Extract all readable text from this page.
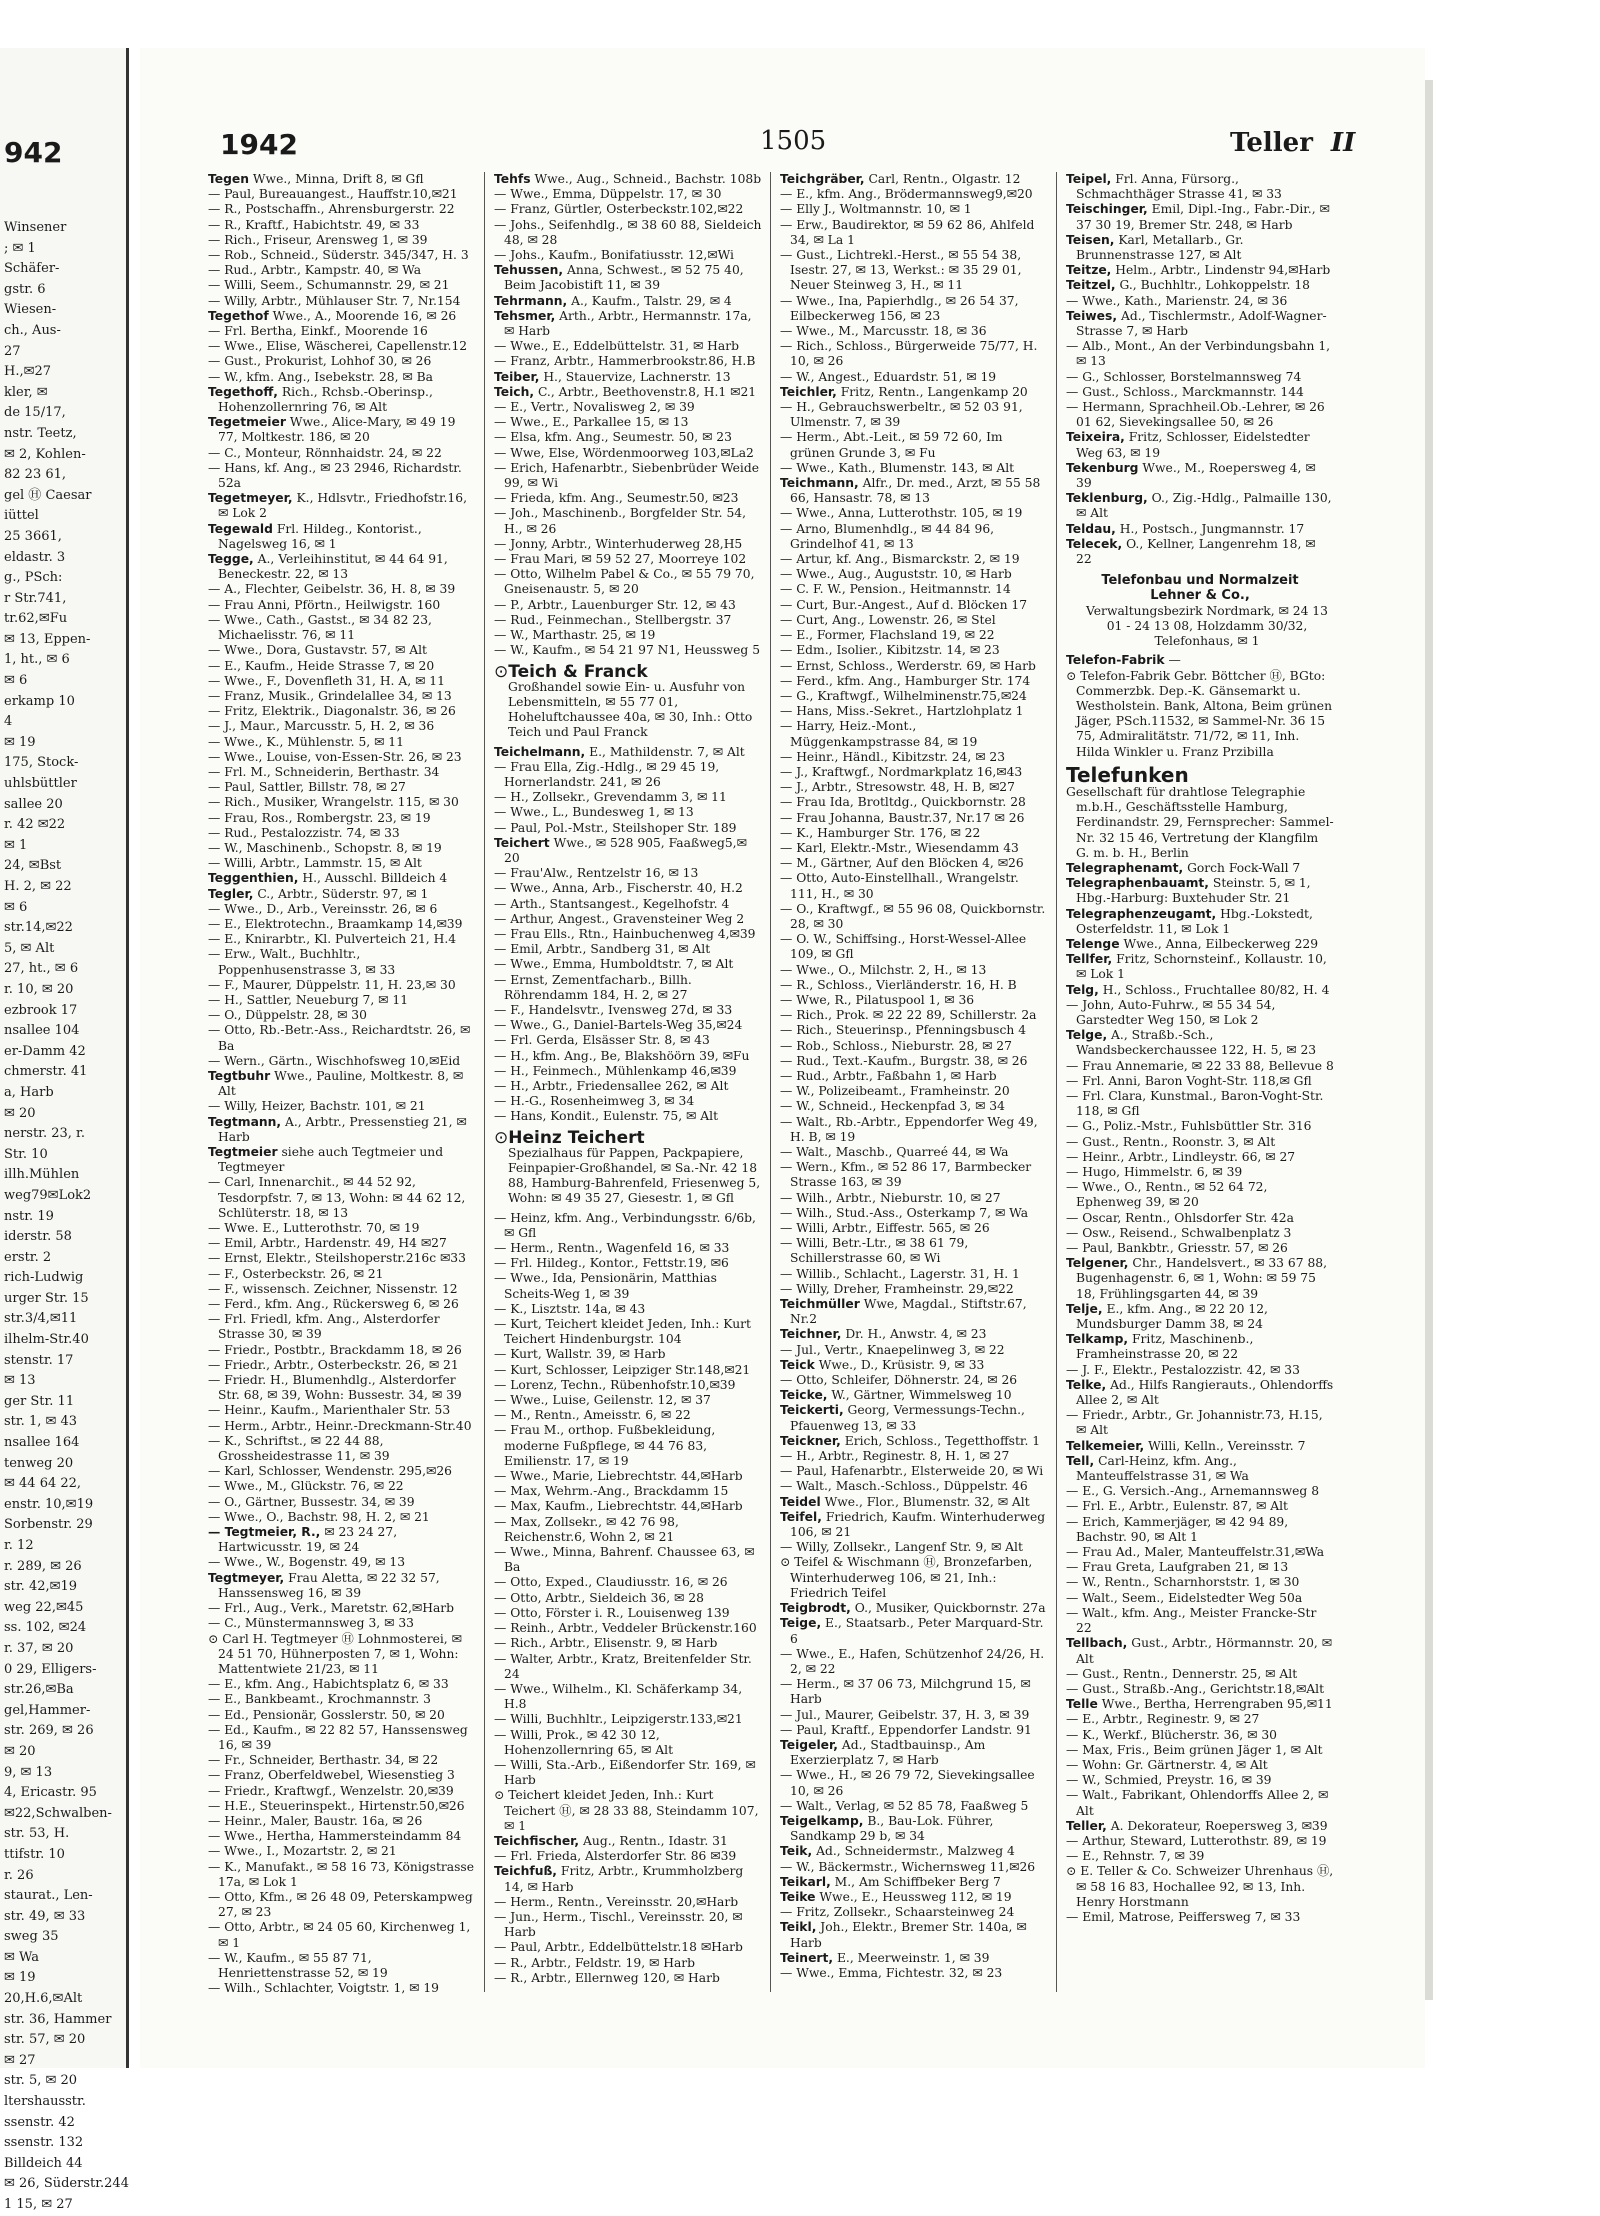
942
Winsener
; ✉ 1
Schäfer-
gstr. 6
Wiesen-
ch., Aus-
27
H.,✉27
kler, ✉
de 15/17,
nstr. Teetz,
✉ 2, Kohlen-
82 23 61,
gel Ⓗ Caesar
iüttel
25 3661,
eldastr. 3
g., PSch:
r Str.741,
tr.62,✉Fu
✉ 13, Eppen-
1, ht., ✉ 6
✉ 6
erkamp 10
4
✉ 19
175, Stock-
uhlsbüttler
sallee 20
r. 42 ✉22
✉ 1
24, ✉Bst
H. 2, ✉ 22
✉ 6
str.14,✉22
5, ✉ Alt
27, ht., ✉ 6
r. 10, ✉ 20
ezbrook 17
nsallee 104
er-Damm 42
chmerstr. 41
a, Harb
✉ 20
nerstr. 23, r.
Str. 10
illh.Mühlen
weg79✉Lok2
nstr. 19
iderstr. 58
erstr. 2
rich-Ludwig
urger Str. 15
str.3/4,✉11
ilhelm-Str.40
stenstr. 17
✉ 13
ger Str. 11
str. 1, ✉ 43
nsallee 164
tenweg 20
✉ 44 64 22,
enstr. 10,✉19
Sorbenstr. 29
r. 12
r. 289, ✉ 26
str. 42,✉19
weg 22,✉45
ss. 102, ✉24
r. 37, ✉ 20
0 29, Elligers-
str.26,✉Ba
gel,Hammer-
str. 269, ✉ 26
✉ 20
9, ✉ 13
4, Ericastr. 95
✉22,Schwalben-
str. 53, H.
ttifstr. 10
r. 26
staurat., Len-
str. 49, ✉ 33
sweg 35
✉ Wa
✉ 19
20,H.6,✉Alt
str. 36, Hammer
str. 57, ✉ 20
✉ 27
str. 5, ✉ 20
ltershausstr.
ssenstr. 42
ssenstr. 132
Billdeich 44
✉ 26, Süderstr.244
1 15, ✉ 27
1942	1505	Teller II

Tegen Wwe., Minna, Drift 8, ✉ Gfl

— Paul, Bureauangest., Hauffstr.10,✉21

— R., Postschaffn., Ahrensburgerstr. 22

— R., Kraftf., Habichtstr. 49, ✉ 33

— Rich., Friseur, Arensweg 1, ✉ 39

— Rob., Schneid., Süderstr. 345/347, H. 3

— Rud., Arbtr., Kampstr. 40, ✉ Wa

— Willi, Seem., Schumannstr. 29, ✉ 21

— Willy, Arbtr., Mühlauser Str. 7, Nr.154

Tegethof Wwe., A., Moorende 16, ✉ 26

— Frl. Bertha, Einkf., Moorende 16

— Wwe., Elise, Wäscherei, Capellenstr.12

— Gust., Prokurist, Lohhof 30, ✉ 26

— W., kfm. Ang., Isebekstr. 28, ✉ Ba

Tegethoff, Rich., Rchsb.-Oberinsp., Hohenzollernring 76, ✉ Alt

Tegetmeier Wwe., Alice-Mary, ✉ 49 19 77, Moltkestr. 186, ✉ 20

— C., Monteur, Rönnhaidstr. 24, ✉ 22

— Hans, kf. Ang., ✉ 23 2946, Richardstr. 52a

Tegetmeyer, K., Hdlsvtr., Friedhofstr.16, ✉ Lok 2

Tegewald Frl. Hildeg., Kontorist., Nagelsweg 16, ✉ 1

Tegge, A., Verleihinstitut, ✉ 44 64 91, Beneckestr. 22, ✉ 13

— A., Flechter, Geibelstr. 36, H. 8, ✉ 39

— Frau Anni, Pförtn., Heilwigstr. 160

— Wwe., Cath., Gastst., ✉ 34 82 23, Michaelisstr. 76, ✉ 11

— Wwe., Dora, Gustavstr. 57, ✉ Alt

— E., Kaufm., Heide Strasse 7, ✉ 20

— Wwe., F., Dovenfleth 31, H. A, ✉ 11

— Franz, Musik., Grindelallee 34, ✉ 13

— Fritz, Elektrik., Diagonalstr. 36, ✉ 26

— J., Maur., Marcusstr. 5, H. 2, ✉ 36

— Wwe., K., Mühlenstr. 5, ✉ 11

— Wwe., Louise, von-Essen-Str. 26, ✉ 23

— Frl. M., Schneiderin, Berthastr. 34

— Paul, Sattler, Billstr. 78, ✉ 27

— Rich., Musiker, Wrangelstr. 115, ✉ 30

— Frau, Ros., Rombergstr. 23, ✉ 19

— Rud., Pestalozzistr. 74, ✉ 33

— W., Maschinenb., Schopstr. 8, ✉ 19

— Willi, Arbtr., Lammstr. 15, ✉ Alt

Teggenthien, H., Ausschl. Billdeich 4

Tegler, C., Arbtr., Süderstr. 97, ✉ 1

— Wwe., D., Arb., Vereinsstr. 26, ✉ 6

— E., Elektrotechn., Braamkamp 14,✉39

— E., Knirarbtr., Kl. Pulverteich 21, H.4

— Erw., Walt., Buchhltr., Poppenhusenstrasse 3, ✉ 33

— F., Maurer, Düppelstr. 11, H. 23,✉ 30

— H., Sattler, Neueburg 7, ✉ 11

— O., Düppelstr. 28, ✉ 30

— Otto, Rb.-Betr.-Ass., Reichardtstr. 26, ✉ Ba

— Wern., Gärtn., Wischhofsweg 10,✉Eid

Tegtbuhr Wwe., Pauline, Moltkestr. 8, ✉ Alt

— Willy, Heizer, Bachstr. 101, ✉ 21

Tegtmann, A., Arbtr., Pressenstieg 21, ✉ Harb

Tegtmeier siehe auch Tegtmeier und Tegtmeyer

— Carl, Innenarchit., ✉ 44 52 92, Tesdorpfstr. 7, ✉ 13, Wohn: ✉ 44 62 12, Schlüterstr. 18, ✉ 13

— Wwe. E., Lutterothstr. 70, ✉ 19

— Emil, Arbtr., Hardenstr. 49, H4 ✉27

— Ernst, Elektr., Steilshoperstr.216c ✉33

— F., Osterbeckstr. 26, ✉ 21

— F., wissensch. Zeichner, Nissenstr. 12

— Ferd., kfm. Ang., Rückersweg 6, ✉ 26

— Frl. Friedl, kfm. Ang., Alsterdorfer Strasse 30, ✉ 39

— Friedr., Postbtr., Brackdamm 18, ✉ 26

— Friedr., Arbtr., Osterbeckstr. 26, ✉ 21

— Friedr. H., Blumenhdlg., Alsterdorfer Str. 68, ✉ 39, Wohn: Bussestr. 34, ✉ 39

— Heinr., Kaufm., Marienthaler Str. 53

— Herm., Arbtr., Heinr.-Dreckmann-Str.40

— K., Schriftst., ✉ 22 44 88, Grossheidestrasse 11, ✉ 39

— Karl, Schlosser, Wendenstr. 295,✉26

— Wwe., M., Glückstr. 76, ✉ 22

— O., Gärtner, Bussestr. 34, ✉ 39

— Wwe., O., Bachstr. 98, H. 2, ✉ 21

— Tegtmeier, R., ✉ 23 24 27, Hartwicusstr. 19, ✉ 24

— Wwe., W., Bogenstr. 49, ✉ 13

Tegtmeyer, Frau Aletta, ✉ 22 32 57, Hanssensweg 16, ✉ 39

— Frl., Aug., Verk., Maretstr. 62,✉Harb

— C., Münstermannsweg 3, ✉ 33

⊙ Carl H. Tegtmeyer Ⓗ Lohnmosterei, ✉ 24 51 70, Hühnerposten 7, ✉ 1, Wohn: Mattentwiete 21/23, ✉ 11

— E., kfm. Ang., Habichtsplatz 6, ✉ 33

— E., Bankbeamt., Krochmannstr. 3

— Ed., Pensionär, Gosslerstr. 50, ✉ 20

— Ed., Kaufm., ✉ 22 82 57, Hanssensweg 16, ✉ 39

— Fr., Schneider, Berthastr. 34, ✉ 22

— Franz, Oberfeldwebel, Wiesenstieg 3

— Friedr., Kraftwgf., Wenzelstr. 20,✉39

— H.E., Steuerinspekt., Hirtenstr.50,✉26

— Heinr., Maler, Baustr. 16a, ✉ 26

— Wwe., Hertha, Hammersteindamm 84

— Wwe., I., Mozartstr. 2, ✉ 21

— K., Manufakt., ✉ 58 16 73, Königstrasse 17a, ✉ Lok 1

— Otto, Kfm., ✉ 26 48 09, Peterskampweg 27, ✉ 23

— Otto, Arbtr., ✉ 24 05 60, Kirchenweg 1, ✉ 1

— W., Kaufm., ✉ 55 87 71, Henriettenstrasse 52, ✉ 19

— Wilh., Schlachter, Voigtstr. 1, ✉ 19

Tehfs Wwe., Aug., Schneid., Bachstr. 108b

— Wwe., Emma, Düppelstr. 17, ✉ 30

— Franz, Gürtler, Osterbeckstr.102,✉22

— Johs., Seifenhdlg., ✉ 38 60 88, Sieldeich 48, ✉ 28

— Johs., Kaufm., Bonifatiusstr. 12,✉Wi

Tehussen, Anna, Schwest., ✉ 52 75 40, Beim Jacobistift 11, ✉ 39

Tehrmann, A., Kaufm., Talstr. 29, ✉ 4

Tehsmer, Arth., Arbtr., Hermannstr. 17a, ✉ Harb

— Wwe., E., Eddelbüttelstr. 31, ✉ Harb

— Franz, Arbtr., Hammerbrookstr.86, H.B

Teiber, H., Stauervize, Lachnerstr. 13

Teich, C., Arbtr., Beethovenstr.8, H.1 ✉21

— E., Vertr., Novalisweg 2, ✉ 39

— Wwe., E., Parkallee 15, ✉ 13

— Elsa, kfm. Ang., Seumestr. 50, ✉ 23

— Wwe, Else, Wördenmoorweg 103,✉La2

— Erich, Hafenarbtr., Siebenbrüder Weide 99, ✉ Wi

— Frieda, kfm. Ang., Seumestr.50, ✉23

— Joh., Maschinenb., Borgfelder Str. 54, H., ✉ 26

— Jonny, Arbtr., Winterhuderweg 28,H5

— Frau Mari, ✉ 59 52 27, Moorreye 102

— Otto, Wilhelm Pabel & Co., ✉ 55 79 70, Gneisenaustr. 5, ✉ 20

— P., Arbtr., Lauenburger Str. 12, ✉ 43

— Rud., Feinmechan., Stellbergstr. 37

— W., Marthastr. 25, ✉ 19

— W., Kaufm., ✉ 54 21 97 N1, Heussweg 5

⊙ Teich & Franck

Großhandel sowie Ein- u. Ausfuhr von Lebensmitteln, ✉ 55 77 01, Hoheluftchaussee 40a, ✉ 30, Inh.: Otto Teich und Paul Franck

Teichelmann, E., Mathildenstr. 7, ✉ Alt

— Frau Ella, Zig.-Hdlg., ✉ 29 45 19, Hornerlandstr. 241, ✉ 26

— H., Zollsekr., Grevendamm 3, ✉ 11

— Wwe., L., Bundesweg 1, ✉ 13

— Paul, Pol.-Mstr., Steilshoper Str. 189

Teichert Wwe., ✉ 528 905, Faaßweg5,✉20

— Frau'Alw., Rentzelstr 16, ✉ 13

— Wwe., Anna, Arb., Fischerstr. 40, H.2

— Arth., Stantsangest., Kegelhofstr. 4

— Arthur, Angest., Gravensteiner Weg 2

— Frau Ells., Rtn., Hainbuchenweg 4,✉39

— Emil, Arbtr., Sandberg 31, ✉ Alt

— Wwe., Emma, Humboldtstr. 7, ✉ Alt

— Ernst, Zementfacharb., Billh. Röhrendamm 184, H. 2, ✉ 27

— F., Handelsvtr., Ivensweg 27d, ✉ 33

— Wwe., G., Daniel-Bartels-Weg 35,✉24

— Frl. Gerda, Elsässer Str. 8, ✉ 43

— H., kfm. Ang., Be, Blakshöörn 39, ✉Fu

— H., Feinmech., Mühlenkamp 46,✉39

— H., Arbtr., Friedensallee 262, ✉ Alt

— H.-G., Rosenheimweg 3, ✉ 34

— Hans, Kondit., Eulenstr. 75, ✉ Alt

⊙ Heinz Teichert

Spezialhaus für Pappen, Packpapiere, Feinpapier-Großhandel, ✉ Sa.-Nr. 42 18 88, Hamburg-Bahrenfeld, Friesenweg 5, Wohn: ✉ 49 35 27, Giesestr. 1, ✉ Gfl

— Heinz, kfm. Ang., Verbindungsstr. 6/6b, ✉ Gfl

— Herm., Rentn., Wagenfeld 16, ✉ 33

— Frl. Hildeg., Kontor., Fettstr.19, ✉6

— Wwe., Ida, Pensionärin, Matthias Scheits-Weg 1, ✉ 39

— K., Lisztstr. 14a, ✉ 43

— Kurt, Teichert kleidet Jeden, Inh.: Kurt Teichert Hindenburgstr. 104

— Kurt, Wallstr. 39, ✉ Harb

— Kurt, Schlosser, Leipziger Str.148,✉21

— Lorenz, Techn., Rübenhofstr.10,✉39

— Wwe., Luise, Geilenstr. 12, ✉ 37

— M., Rentn., Ameisstr. 6, ✉ 22

— Frau M., orthop. Fußbekleidung, moderne Fußpflege, ✉ 44 76 83, Emilienstr. 17, ✉ 19

— Wwe., Marie, Liebrechtstr. 44,✉Harb

— Max, Wehrm.-Ang., Brackdamm 15

— Max, Kaufm., Liebrechtstr. 44,✉Harb

— Max, Zollsekr., ✉ 42 76 98, Reichenstr.6, Wohn 2, ✉ 21

— Wwe., Minna, Bahrenf. Chaussee 63, ✉ Ba

— Otto, Exped., Claudiusstr. 16, ✉ 26

— Otto, Arbtr., Sieldeich 36, ✉ 28

— Otto, Förster i. R., Louisenweg 139

— Reinh., Arbtr., Veddeler Brückenstr.160

— Rich., Arbtr., Elisenstr. 9, ✉ Harb

— Walter, Arbtr., Kratz, Breitenfelder Str. 24

— Wwe., Wilhelm., Kl. Schäferkamp 34, H.8

— Willi, Buchhltr., Leipzigerstr.133,✉21

— Willi, Prok., ✉ 42 30 12, Hohenzollernring 65, ✉ Alt

— Willi, Sta.-Arb., Eißendorfer Str. 169, ✉ Harb

⊙ Teichert kleidet Jeden, Inh.: Kurt Teichert Ⓗ, ✉ 28 33 88, Steindamm 107, ✉ 1

Teichfischer, Aug., Rentn., Idastr. 31

— Frl. Frieda, Alsterdorfer Str. 86 ✉39

Teichfuß, Fritz, Arbtr., Krummholzberg 14, ✉ Harb

— Herm., Rentn., Vereinsstr. 20,✉Harb

— Jun., Herm., Tischl., Vereinsstr. 20, ✉ Harb

— Paul, Arbtr., Eddelbüttelstr.18 ✉Harb

— R., Arbtr., Feldstr. 19, ✉ Harb

— R., Arbtr., Ellernweg 120, ✉ Harb

Teichgräber, Carl, Rentn., Olgastr. 12

— E., kfm. Ang., Brödermannsweg9,✉20

— Elly J., Woltmannstr. 10, ✉ 1

— Erw., Baudirektor, ✉ 59 62 86, Ahlfeld 34, ✉ La 1

— Gust., Lichtrekl.-Herst., ✉ 55 54 38, Isestr. 27, ✉ 13, Werkst.: ✉ 35 29 01, Neuer Steinweg 3, H., ✉ 11

— Wwe., Ina, Papierhdlg., ✉ 26 54 37, Eilbeckerweg 156, ✉ 23

— Wwe., M., Marcusstr. 18, ✉ 36

— Rich., Schloss., Bürgerweide 75/77, H. 10, ✉ 26

— W., Angest., Eduardstr. 51, ✉ 19

Teichler, Fritz, Rentn., Langenkamp 20

— H., Gebrauchswerbeltr., ✉ 52 03 91, Ulmenstr. 7, ✉ 39

— Herm., Abt.-Leit., ✉ 59 72 60, Im grünen Grunde 3, ✉ Fu

— Wwe., Kath., Blumenstr. 143, ✉ Alt

Teichmann, Alfr., Dr. med., Arzt, ✉ 55 58 66, Hansastr. 78, ✉ 13

— Wwe., Anna, Lutterothstr. 105, ✉ 19

— Arno, Blumenhdlg., ✉ 44 84 96, Grindelhof 41, ✉ 13

— Artur, kf. Ang., Bismarckstr. 2, ✉ 19

— Wwe., Aug., Auguststr. 10, ✉ Harb

— C. F. W., Pension., Heitmannstr. 14

— Curt, Bur.-Angest., Auf d. Blöcken 17

— Curt, Ang., Lowenstr. 26, ✉ Stel

— E., Former, Flachsland 19, ✉ 22

— Edm., Isolier., Kibitzstr. 14, ✉ 23

— Ernst, Schloss., Werderstr. 69, ✉ Harb

— Ferd., kfm. Ang., Hamburger Str. 174

— G., Kraftwgf., Wilhelminenstr.75,✉24

— Hans, Miss.-Sekret., Hartzlohplatz 1

— Harry, Heiz.-Mont., Müggenkampstrasse 84, ✉ 19

— Heinr., Händl., Kibitzstr. 24, ✉ 23

— J., Kraftwgf., Nordmarkplatz 16,✉43

— J., Arbtr., Stresowstr. 48, H. B, ✉27

— Frau Ida, Brotltdg., Quickbornstr. 28

— Frau Johanna, Baustr.37, Nr.17 ✉ 26

— K., Hamburger Str. 176, ✉ 22

— Karl, Elektr.-Mstr., Wiesendamm 43

— M., Gärtner, Auf den Blöcken 4, ✉26

— Otto, Auto-Einstellhall., Wrangelstr. 111, H., ✉ 30

— O., Kraftwgf., ✉ 55 96 08, Quickbornstr. 28, ✉ 30

— O. W., Schiffsing., Horst-Wessel-Allee 109, ✉ Gfl

— Wwe., O., Milchstr. 2, H., ✉ 13

— R., Schloss., Vierländerstr. 16, H. B

— Wwe, R., Pilatuspool 1, ✉ 36

— Rich., Prok. ✉ 22 22 89, Schillerstr. 2a

— Rich., Steuerinsp., Pfenningsbusch 4

— Rob., Schloss., Nieburstr. 28, ✉ 27

— Rud., Text.-Kaufm., Burgstr. 38, ✉ 26

— Rud., Arbtr., Faßbahn 1, ✉ Harb

— W., Polizeibeamt., Framheinstr. 20

— W., Schneid., Heckenpfad 3, ✉ 34

— Walt., Rb.-Arbtr., Eppendorfer Weg 49, H. B, ✉ 19

— Walt., Maschb., Quarreé 44, ✉ Wa

— Wern., Kfm., ✉ 52 86 17, Barmbecker Strasse 163, ✉ 39

— Wilh., Arbtr., Nieburstr. 10, ✉ 27

— Wilh., Stud.-Ass., Osterkamp 7, ✉ Wa

— Willi, Arbtr., Eiffestr. 565, ✉ 26

— Willi, Betr.-Ltr., ✉ 38 61 79, Schillerstrasse 60, ✉ Wi

— Willib., Schlacht., Lagerstr. 31, H. 1

— Willy, Dreher, Framheinstr. 29,✉22

Teichmüller Wwe, Magdal., Stiftstr.67, Nr.2

Teichner, Dr. H., Anwstr. 4, ✉ 23

— Jul., Vertr., Knaepelinweg 3, ✉ 22

Teick Wwe., D., Krüsistr. 9, ✉ 33

— Otto, Schleifer, Döhnerstr. 24, ✉ 26

Teicke, W., Gärtner, Wimmelsweg 10

Teickerti, Georg, Vermessungs-Techn., Pfauenweg 13, ✉ 33

Teickner, Erich, Schloss., Tegetthoffstr. 1

— H., Arbtr., Reginestr. 8, H. 1, ✉ 27

— Paul, Hafenarbtr., Elsterweide 20, ✉ Wi

— Walt., Masch.-Schloss., Düppelstr. 46

Teidel Wwe., Flor., Blumenstr. 32, ✉ Alt

Teifel, Friedrich, Kaufm. Winterhuderweg 106, ✉ 21

— Willy, Zollsekr., Langenf Str. 9, ✉ Alt

⊙ Teifel & Wischmann Ⓗ, Bronzefarben, Winterhuderweg 106, ✉ 21, Inh.: Friedrich Teifel

Teigbrodt, O., Musiker, Quickbornstr. 27a

Teige, E., Staatsarb., Peter Marquard-Str. 6

— Wwe., E., Hafen, Schützenhof 24/26, H. 2, ✉ 22

— Herm., ✉ 37 06 73, Milchgrund 15, ✉ Harb

— Jul., Maurer, Geibelstr. 37, H. 3, ✉ 39

— Paul, Kraftf., Eppendorfer Landstr. 91

Teigeler, Ad., Stadtbauinsp., Am Exerzierplatz 7, ✉ Harb

— Wwe., H., ✉ 26 79 72, Sievekingsallee 10, ✉ 26

— Walt., Verlag, ✉ 52 85 78, Faaßweg 5

Teigelkamp, B., Bau-Lok. Führer, Sandkamp 29 b, ✉ 34

Teik, Ad., Schneidermstr., Malzweg 4

— W., Bäckermstr., Wichernsweg 11,✉26

Teikarl, M., Am Schiffbeker Berg 7

Teike Wwe., E., Heussweg 112, ✉ 19

— Fritz, Zollsekr., Schaarsteinweg 24

Teikl, Joh., Elektr., Bremer Str. 140a, ✉ Harb

Teinert, E., Meerweinstr. 1, ✉ 39

— Wwe., Emma, Fichtestr. 32, ✉ 23

Teipel, Frl. Anna, Fürsorg., Schmachthäger Strasse 41, ✉ 33

Teischinger, Emil, Dipl.-Ing., Fabr.-Dir., ✉ 37 30 19, Bremer Str. 248, ✉ Harb

Teisen, Karl, Metallarb., Gr. Brunnenstrasse 127, ✉ Alt

Teitze, Helm., Arbtr., Lindenstr 94,✉Harb

Teitzel, G., Buchhltr., Lohkoppelstr. 18

— Wwe., Kath., Marienstr. 24, ✉ 36

Teiwes, Ad., Tischlermstr., Adolf-Wagner-Strasse 7, ✉ Harb

— Alb., Mont., An der Verbindungsbahn 1, ✉ 13

— G., Schlosser, Borstelmannsweg 74

— Gust., Schloss., Marckmannstr. 144

— Hermann, Sprachheil.Ob.-Lehrer, ✉ 26 01 62, Sievekingsallee 50, ✉ 26

Teixeira, Fritz, Schlosser, Eidelstedter Weg 63, ✉ 19

Tekenburg Wwe., M., Roepersweg 4, ✉ 39

Teklenburg, O., Zig.-Hdlg., Palmaille 130, ✉ Alt

Teldau, H., Postsch., Jungmannstr. 17

Telecek, O., Kellner, Langenrehm 18, ✉ 22

Telefonbau und Normalzeit
Lehner & Co.,

Verwaltungsbezirk Nordmark, ✉ 24 13 01 - 24 13 08, Holzdamm 30/32, Telefonhaus, ✉ 1

Telefon-Fabrik —

⊙ Telefon-Fabrik Gebr. Böttcher Ⓗ, BGto: Commerzbk. Dep.-K. Gänsemarkt u. Westholstein. Bank, Altona, Beim grünen Jäger, PSch.11532, ✉ Sammel-Nr. 36 15 75, Admiralitätstr. 71/72, ✉ 11, Inh. Hilda Winkler u. Franz Przibilla

Telefunken

Gesellschaft für drahtlose Telegraphie m.b.H., Geschäftsstelle Hamburg, Ferdinandstr. 29, Fernsprecher: Sammel-Nr. 32 15 46, Vertretung der Klangfilm G. m. b. H., Berlin

Telegraphenamt, Gorch Fock-Wall 7

Telegraphenbauamt, Steinstr. 5, ✉ 1, Hbg.-Harburg: Buxtehuder Str. 21

Telegraphenzeugamt, Hbg.-Lokstedt, Osterfeldstr. 11, ✉ Lok 1

Telenge Wwe., Anna, Eilbeckerweg 229

Tellfer, Fritz, Schornsteinf., Kollaustr. 10, ✉ Lok 1

Telg, H., Schloss., Fruchtallee 80/82, H. 4

— John, Auto-Fuhrw., ✉ 55 34 54, Garstedter Weg 150, ✉ Lok 2

Telge, A., Straßb.-Sch., Wandsbeckerchaussee 122, H. 5, ✉ 23

— Frau Annemarie, ✉ 22 33 88, Bellevue 8

— Frl. Anni, Baron Voght-Str. 118,✉ Gfl

— Frl. Clara, Kunstmal., Baron-Voght-Str. 118, ✉ Gfl

— G., Poliz.-Mstr., Fuhlsbüttler Str. 316

— Gust., Rentn., Roonstr. 3, ✉ Alt

— Heinr., Arbtr., Lindleystr. 66, ✉ 27

— Hugo, Himmelstr. 6, ✉ 39

— Wwe., O., Rentn., ✉ 52 64 72, Ephenweg 39, ✉ 20

— Oscar, Rentn., Ohlsdorfer Str. 42a

— Osw., Reisend., Schwalbenplatz 3

— Paul, Bankbtr., Griesstr. 57, ✉ 26

Telgener, Chr., Handelsvert., ✉ 33 67 88, Bugenhagenstr. 6, ✉ 1, Wohn: ✉ 59 75 18, Frühlingsgarten 44, ✉ 39

Telje, E., kfm. Ang., ✉ 22 20 12, Mundsburger Damm 38, ✉ 24

Telkamp, Fritz, Maschinenb., Framheinstrasse 20, ✉ 22

— J. F., Elektr., Pestalozzistr. 42, ✉ 33

Telke, Ad., Hilfs Rangierauts., Ohlendorffs Allee 2, ✉ Alt

— Friedr., Arbtr., Gr. Johannistr.73, H.15, ✉ Alt

Telkemeier, Willi, Kelln., Vereinsstr. 7

Tell, Carl-Heinz, kfm. Ang., Manteuffelstrasse 31, ✉ Wa

— E., G. Versich.-Ang., Arnemannsweg 8

— Frl. E., Arbtr., Eulenstr. 87, ✉ Alt

— Erich, Kammerjäger, ✉ 42 94 89, Bachstr. 90, ✉ Alt 1

— Frau Ad., Maler, Manteuffelstr.31,✉Wa

— Frau Greta, Laufgraben 21, ✉ 13

— W., Rentn., Scharnhorststr. 1, ✉ 30

— Walt., Seem., Eidelstedter Weg 50a

— Walt., kfm. Ang., Meister Francke-Str 22

Tellbach, Gust., Arbtr., Hörmannstr. 20, ✉ Alt

— Gust., Rentn., Dennerstr. 25, ✉ Alt

— Gust., Straßb.-Ang., Gerichtstr.18,✉Alt

Telle Wwe., Bertha, Herrengraben 95,✉11

— E., Arbtr., Reginestr. 9, ✉ 27

— K., Werkf., Blücherstr. 36, ✉ 30

— Max, Fris., Beim grünen Jäger 1, ✉ Alt

— Wohn: Gr. Gärtnerstr. 4, ✉ Alt

— W., Schmied, Preystr. 16, ✉ 39

— Walt., Fabrikant, Ohlendorffs Allee 2, ✉ Alt

Teller, A. Dekorateur, Roepersweg 3, ✉39

— Arthur, Steward, Lutterothstr. 89, ✉ 19

— E., Rehnstr. 7, ✉ 39

⊙ E. Teller & Co. Schweizer Uhrenhaus Ⓗ, ✉ 58 16 83, Hochallee 92, ✉ 13, Inh. Henry Horstmann

— Emil, Matrose, Peiffersweg 7, ✉ 33
